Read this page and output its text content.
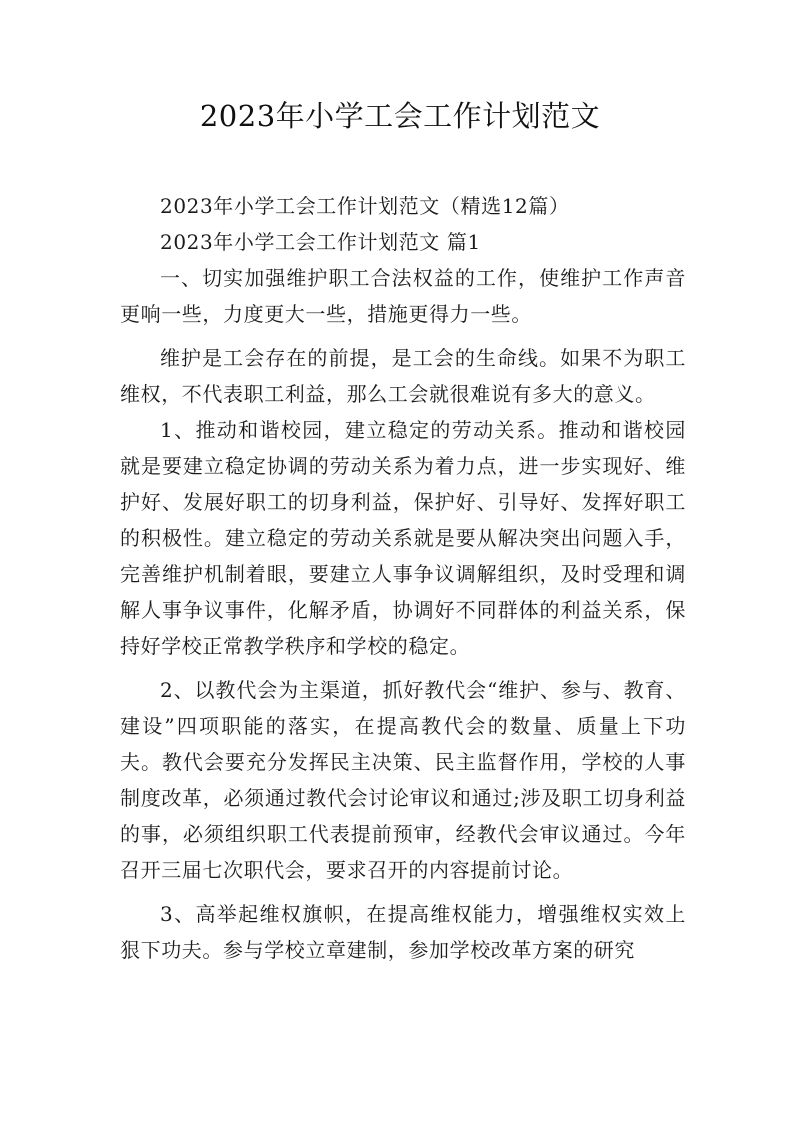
2023年小学工会工作计划范文

2023年小学工会工作计划范文（精选12篇）

2023年小学工会工作计划范文 篇1

一、切实加强维护职工合法权益的工作，使维护工作声音更响一些，力度更大一些，措施更得力一些。

维护是工会存在的前提，是工会的生命线。如果不为职工维权，不代表职工利益，那么工会就很难说有多大的意义。

1、推动和谐校园，建立稳定的劳动关系。推动和谐校园就是要建立稳定协调的劳动关系为着力点，进一步实现好、维护好、发展好职工的切身利益，保护好、引导好、发挥好职工的积极性。建立稳定的劳动关系就是要从解决突出问题入手，完善维护机制着眼，要建立人事争议调解组织，及时受理和调解人事争议事件，化解矛盾，协调好不同群体的利益关系，保持好学校正常教学秩序和学校的稳定。

2、以教代会为主渠道，抓好教代会“维护、参与、教育、建设”四项职能的落实，在提高教代会的数量、质量上下功夫。教代会要充分发挥民主决策、民主监督作用，学校的人事制度改革，必须通过教代会讨论审议和通过;涉及职工切身利益的事，必须组织职工代表提前预审，经教代会审议通过。今年召开三届七次职代会，要求召开的内容提前讨论。

3、高举起维权旗帜，在提高维权能力，增强维权实效上狠下功夫。参与学校立章建制，参加学校改革方案的研究
